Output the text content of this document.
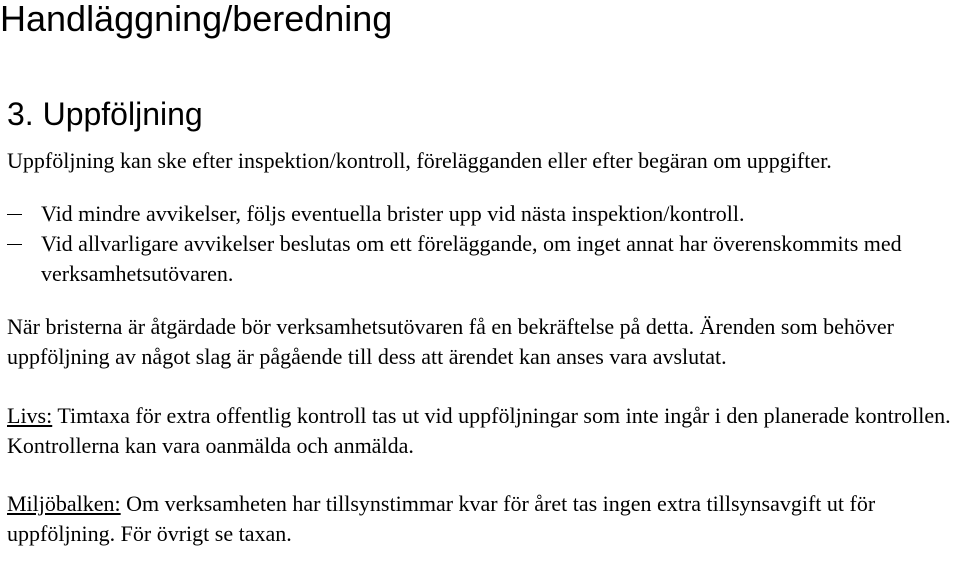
Handläggning/beredning
3. Uppföljning

Uppföljning kan ske efter inspektion/kontroll, förelägganden eller efter begäran om uppgifter.

Vid mindre avvikelser, följs eventuella brister upp vid nästa inspektion/kontroll.
Vid allvarligare avvikelser beslutas om ett föreläggande, om inget annat har överenskommits med verksamhetsutövaren.

När bristerna är åtgärdade bör verksamhetsutövaren få en bekräftelse på detta. Ärenden som behöver uppföljning av något slag är pågående till dess att ärendet kan anses vara avslutat.

Livs: Timtaxa för extra offentlig kontroll tas ut vid uppföljningar som inte ingår i den planerade kontrollen. Kontrollerna kan vara oanmälda och anmälda.

Miljöbalken: Om verksamheten har tillsynstimmar kvar för året tas ingen extra tillsynsavgift ut för uppföljning. För övrigt se taxan.
